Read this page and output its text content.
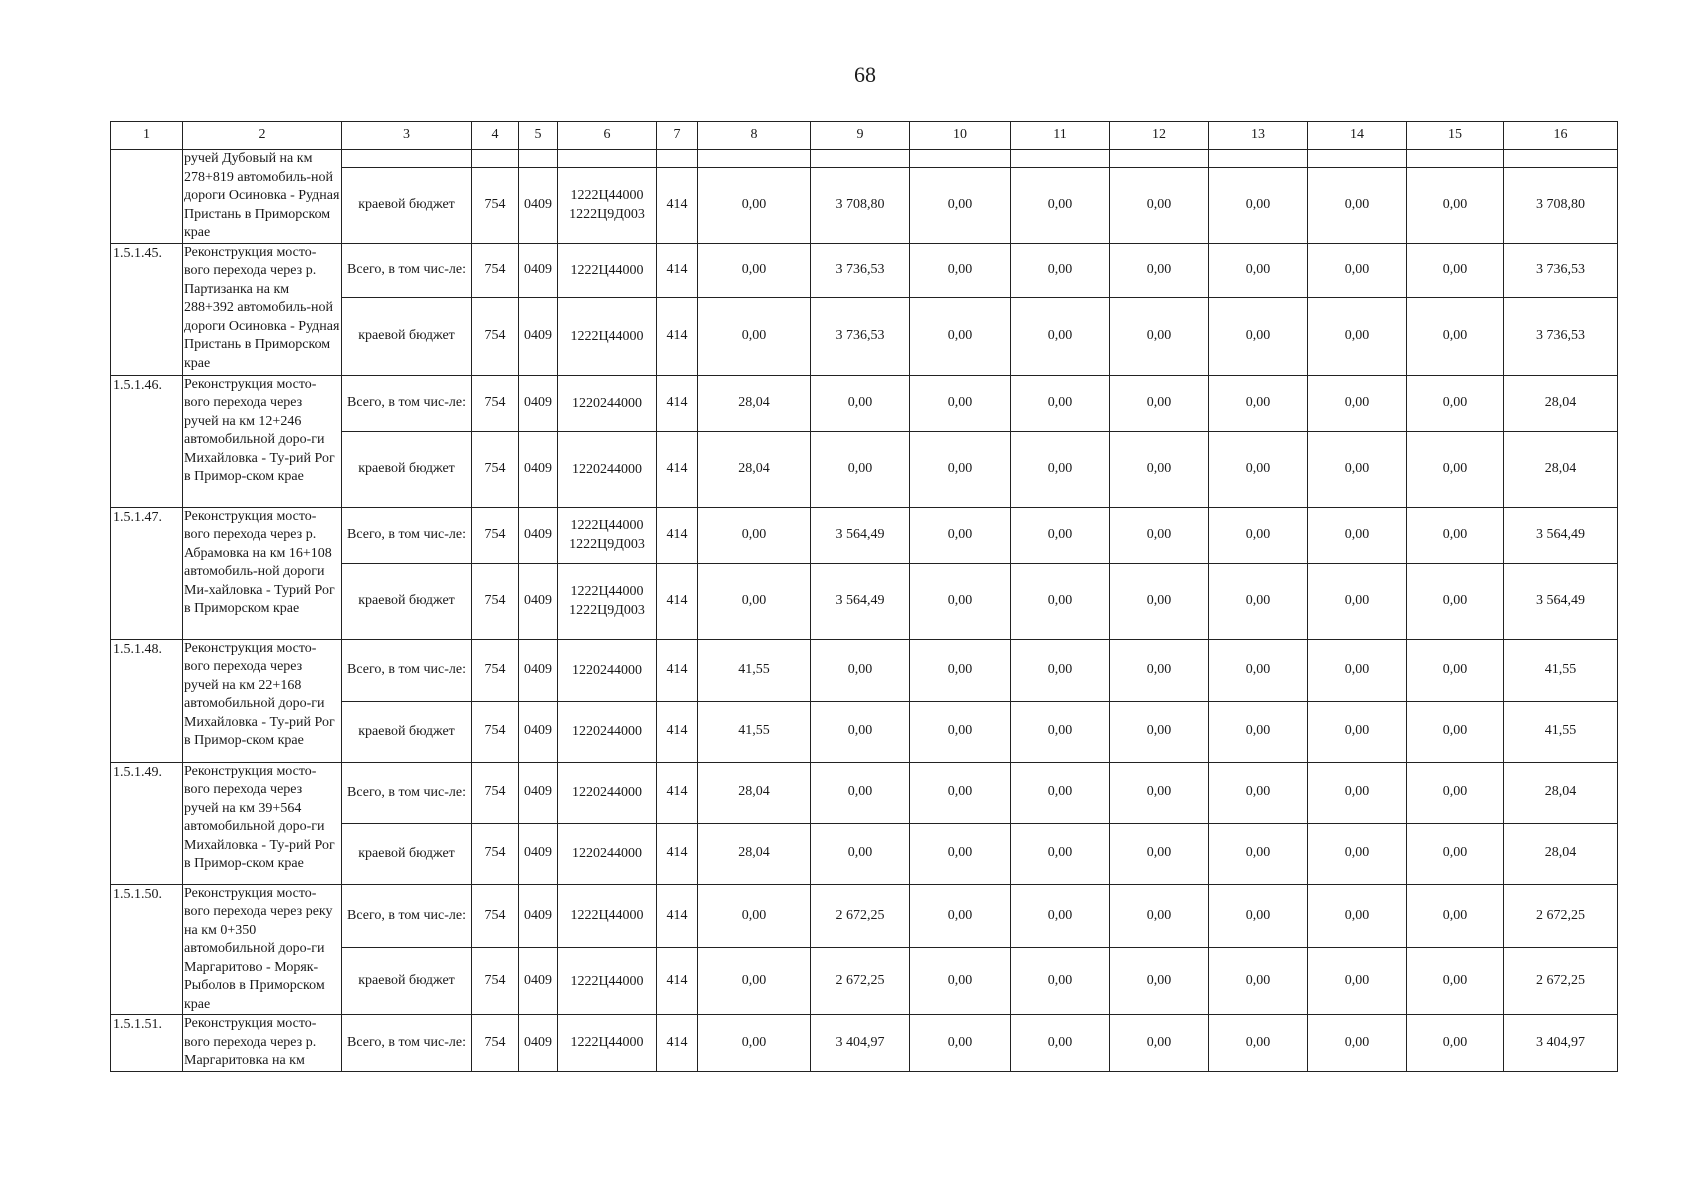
68
1	2	3	4	5	6	7	8	9	10	11	12	13	14	15	16
	ручей Дубовый на км 278+819 автомобиль-ной дороги Осиновка - Рудная Пристань в Приморском крае														
		краевой бюджет	754	0409	1222Ц44000 1222Ц9Д003	414	0,00	3 708,80	0,00	0,00	0,00	0,00	0,00	0,00	3 708,80
1.5.1.45.	Реконструкция мосто-вого перехода через р. Партизанка на км 288+392 автомобиль-ной дороги Осиновка - Рудная Пристань в Приморском крае	Всего, в том чис-ле:	754	0409	1222Ц44000	414	0,00	3 736,53	0,00	0,00	0,00	0,00	0,00	0,00	3 736,53
		краевой бюджет	754	0409	1222Ц44000	414	0,00	3 736,53	0,00	0,00	0,00	0,00	0,00	0,00	3 736,53
1.5.1.46.	Реконструкция мосто-вого перехода через ручей на км 12+246 автомобильной доро-ги Михайловка - Ту-рий Рог в Примор-ском крае	Всего, в том чис-ле:	754	0409	1220244000	414	28,04	0,00	0,00	0,00	0,00	0,00	0,00	0,00	28,04
		краевой бюджет	754	0409	1220244000	414	28,04	0,00	0,00	0,00	0,00	0,00	0,00	0,00	28,04
1.5.1.47.	Реконструкция мосто-вого перехода через р. Абрамовка на км 16+108 автомобиль-ной дороги Ми-хайловка - Турий Рог в Приморском крае	Всего, в том чис-ле:	754	0409	1222Ц44000 1222Ц9Д003	414	0,00	3 564,49	0,00	0,00	0,00	0,00	0,00	0,00	3 564,49
		краевой бюджет	754	0409	1222Ц44000 1222Ц9Д003	414	0,00	3 564,49	0,00	0,00	0,00	0,00	0,00	0,00	3 564,49
1.5.1.48.	Реконструкция мосто-вого перехода через ручей на км 22+168 автомобильной доро-ги Михайловка - Ту-рий Рог в Примор-ском крае	Всего, в том чис-ле:	754	0409	1220244000	414	41,55	0,00	0,00	0,00	0,00	0,00	0,00	0,00	41,55
		краевой бюджет	754	0409	1220244000	414	41,55	0,00	0,00	0,00	0,00	0,00	0,00	0,00	41,55
1.5.1.49.	Реконструкция мосто-вого перехода через ручей на км 39+564 автомобильной доро-ги Михайловка - Ту-рий Рог в Примор-ском крае	Всего, в том чис-ле:	754	0409	1220244000	414	28,04	0,00	0,00	0,00	0,00	0,00	0,00	0,00	28,04
		краевой бюджет	754	0409	1220244000	414	28,04	0,00	0,00	0,00	0,00	0,00	0,00	0,00	28,04
1.5.1.50.	Реконструкция мосто-вого перехода через реку на км 0+350 автомобильной доро-ги Маргаритово - Моряк-Рыболов в Приморском крае	Всего, в том чис-ле:	754	0409	1222Ц44000	414	0,00	2 672,25	0,00	0,00	0,00	0,00	0,00	0,00	2 672,25
		краевой бюджет	754	0409	1222Ц44000	414	0,00	2 672,25	0,00	0,00	0,00	0,00	0,00	0,00	2 672,25
1.5.1.51.	Реконструкция мосто-вого перехода через р. Маргаритовка на км	Всего, в том чис-ле:	754	0409	1222Ц44000	414	0,00	3 404,97	0,00	0,00	0,00	0,00	0,00	0,00	3 404,97
